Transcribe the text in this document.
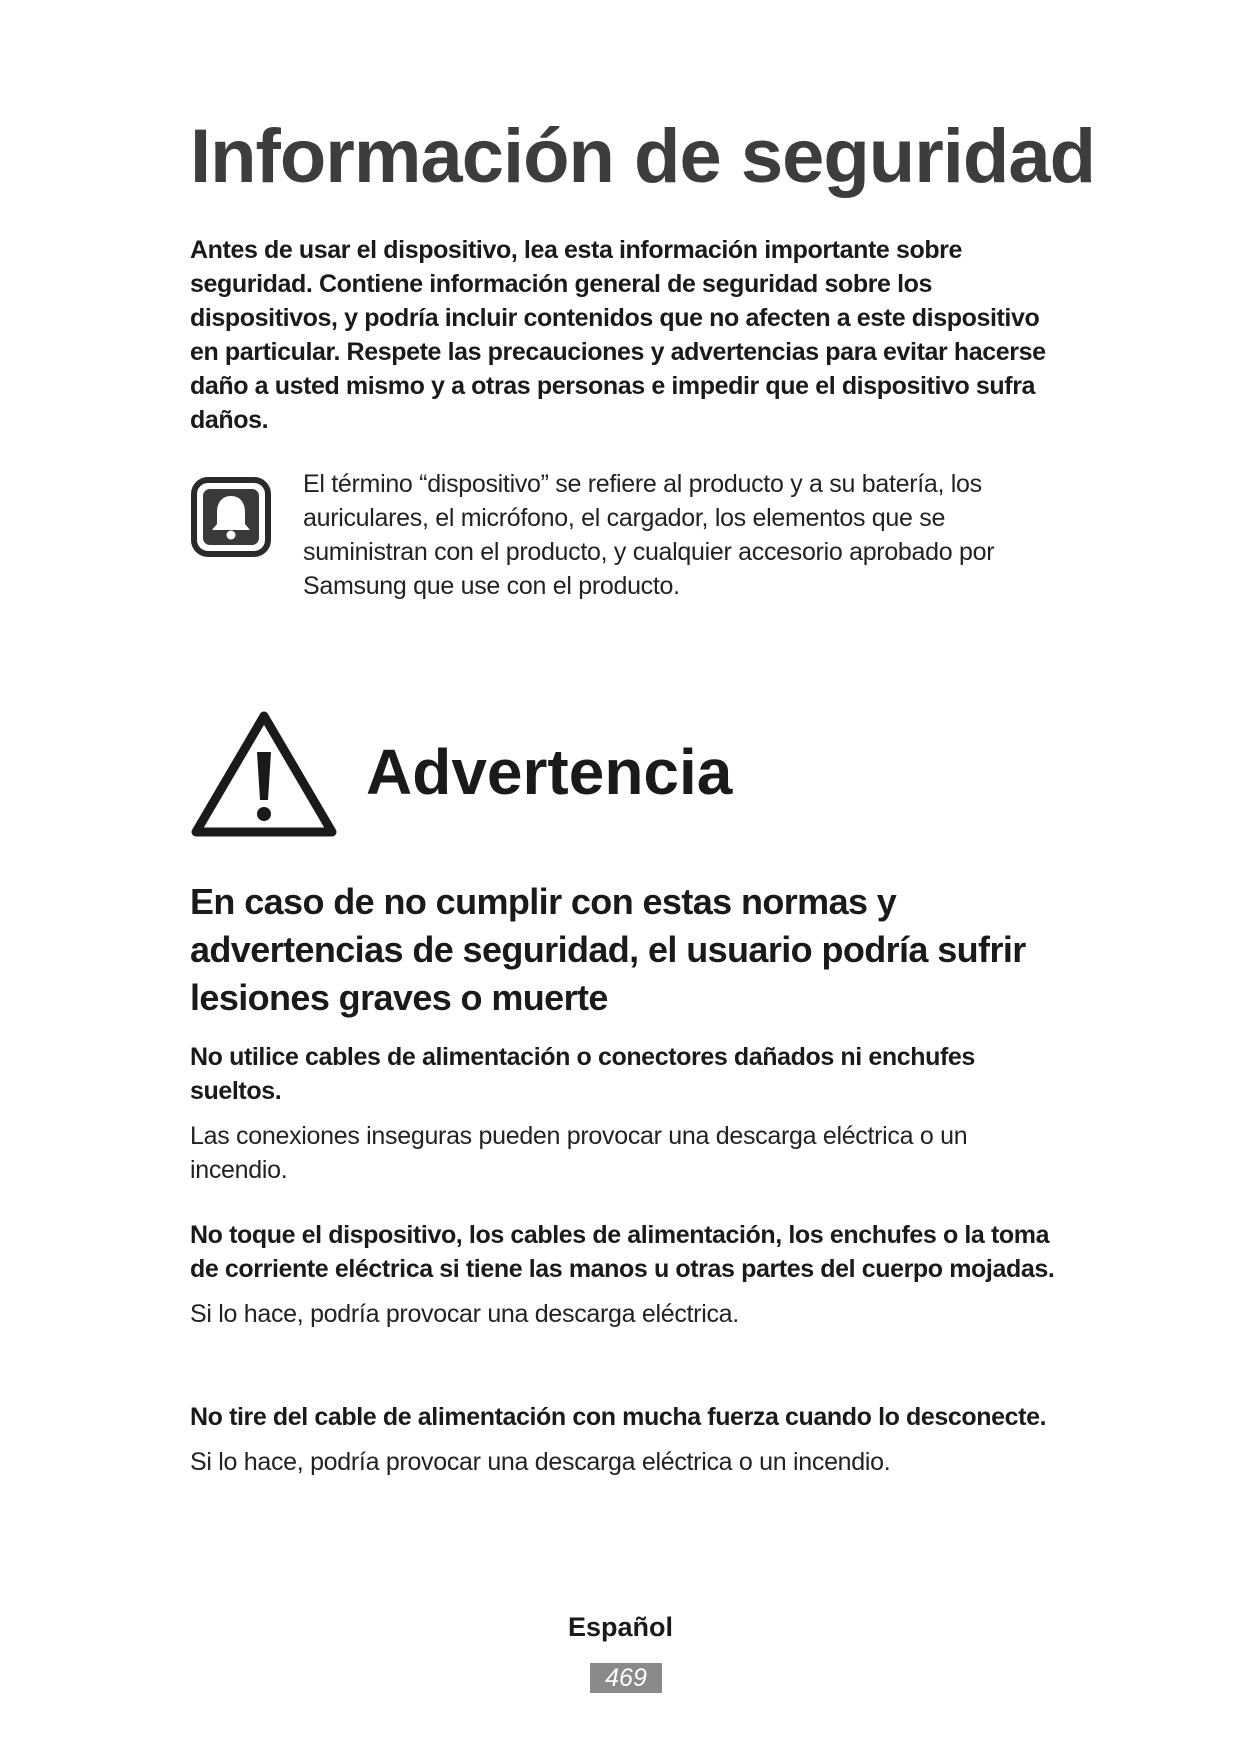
Información de seguridad

Antes de usar el dispositivo, lea esta información importante sobre seguridad. Contiene información general de seguridad sobre los dispositivos, y podría incluir contenidos que no afecten a este dispositivo en particular. Respete las precauciones y advertencias para evitar hacerse daño a usted mismo y a otras personas e impedir que el dispositivo sufra daños.

El término “dispositivo” se refiere al producto y a su batería, los auriculares, el micrófono, el cargador, los elementos que se suministran con el producto, y cualquier accesorio aprobado por Samsung que use con el producto.

Advertencia

En caso de no cumplir con estas normas y advertencias de seguridad, el usuario podría sufrir lesiones graves o muerte

No utilice cables de alimentación o conectores dañados ni enchufes sueltos.

Las conexiones inseguras pueden provocar una descarga eléctrica o un incendio.

No toque el dispositivo, los cables de alimentación, los enchufes o la toma de corriente eléctrica si tiene las manos u otras partes del cuerpo mojadas.

Si lo hace, podría provocar una descarga eléctrica.

No tire del cable de alimentación con mucha fuerza cuando lo desconecte.

Si lo hace, podría provocar una descarga eléctrica o un incendio.

Español
469
